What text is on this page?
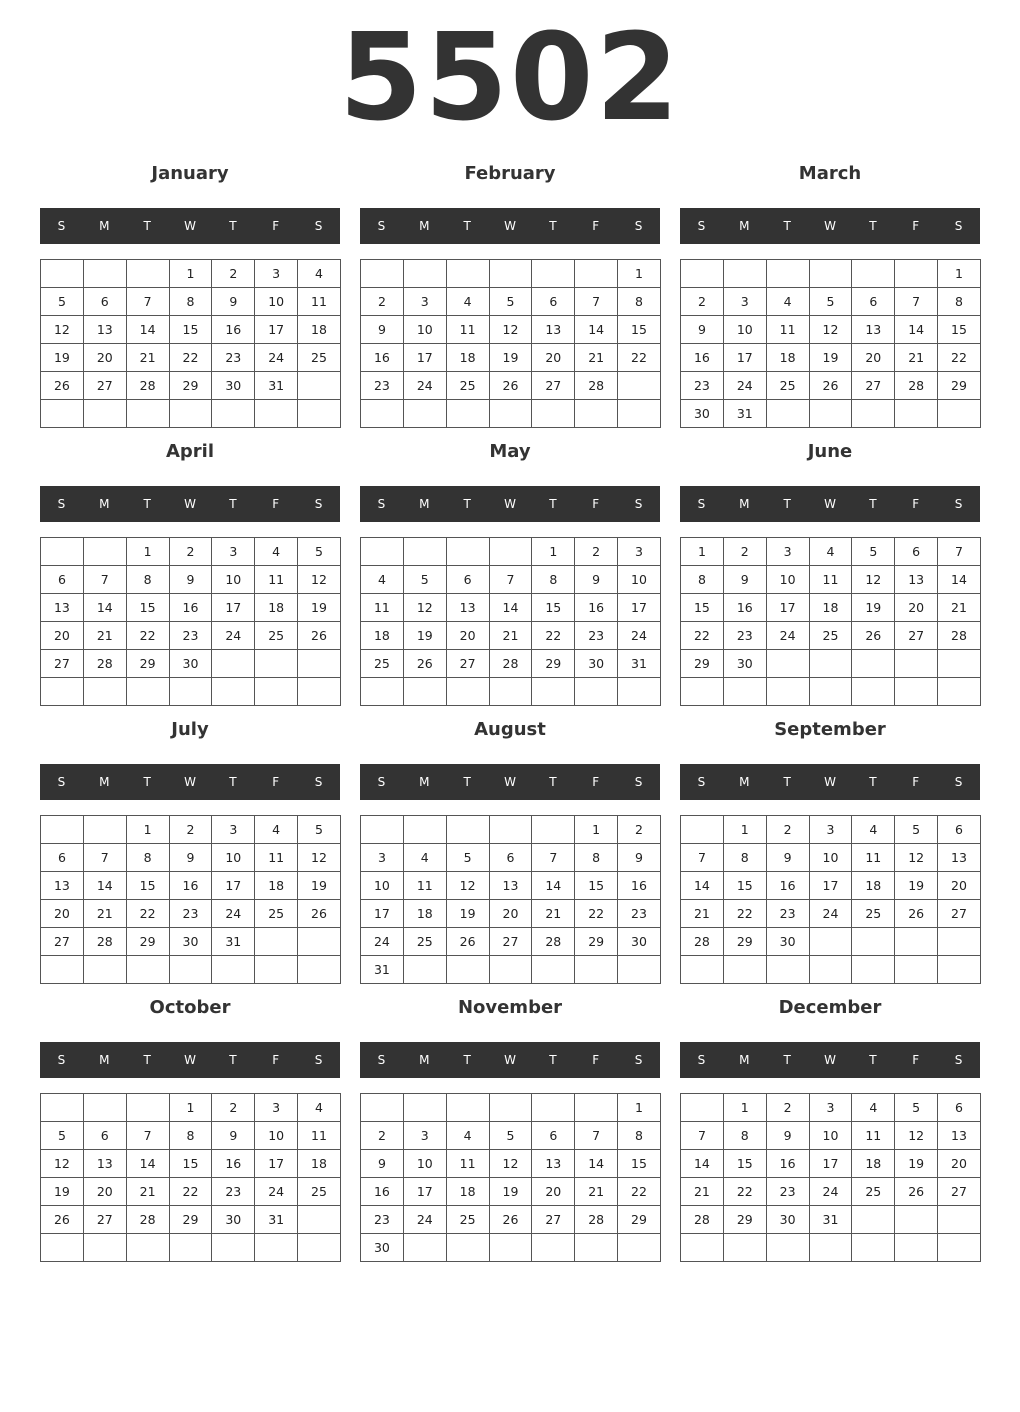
5502
January
S	M	T	W	T	F	S
			1	2	3	4
5	6	7	8	9	10	11
12	13	14	15	16	17	18
19	20	21	22	23	24	25
26	27	28	29	30	31	

February
S	M	T	W	T	F	S
						1
2	3	4	5	6	7	8
9	10	11	12	13	14	15
16	17	18	19	20	21	22
23	24	25	26	27	28	

March
S	M	T	W	T	F	S
						1
2	3	4	5	6	7	8
9	10	11	12	13	14	15
16	17	18	19	20	21	22
23	24	25	26	27	28	29
30	31					
April
S	M	T	W	T	F	S
		1	2	3	4	5
6	7	8	9	10	11	12
13	14	15	16	17	18	19
20	21	22	23	24	25	26
27	28	29	30			

May
S	M	T	W	T	F	S
				1	2	3
4	5	6	7	8	9	10
11	12	13	14	15	16	17
18	19	20	21	22	23	24
25	26	27	28	29	30	31

June
S	M	T	W	T	F	S
1	2	3	4	5	6	7
8	9	10	11	12	13	14
15	16	17	18	19	20	21
22	23	24	25	26	27	28
29	30					

July
S	M	T	W	T	F	S
		1	2	3	4	5
6	7	8	9	10	11	12
13	14	15	16	17	18	19
20	21	22	23	24	25	26
27	28	29	30	31		

August
S	M	T	W	T	F	S
					1	2
3	4	5	6	7	8	9
10	11	12	13	14	15	16
17	18	19	20	21	22	23
24	25	26	27	28	29	30
31						
September
S	M	T	W	T	F	S
	1	2	3	4	5	6
7	8	9	10	11	12	13
14	15	16	17	18	19	20
21	22	23	24	25	26	27
28	29	30				

October
S	M	T	W	T	F	S
			1	2	3	4
5	6	7	8	9	10	11
12	13	14	15	16	17	18
19	20	21	22	23	24	25
26	27	28	29	30	31	

November
S	M	T	W	T	F	S
						1
2	3	4	5	6	7	8
9	10	11	12	13	14	15
16	17	18	19	20	21	22
23	24	25	26	27	28	29
30						
December
S	M	T	W	T	F	S
	1	2	3	4	5	6
7	8	9	10	11	12	13
14	15	16	17	18	19	20
21	22	23	24	25	26	27
28	29	30	31			
